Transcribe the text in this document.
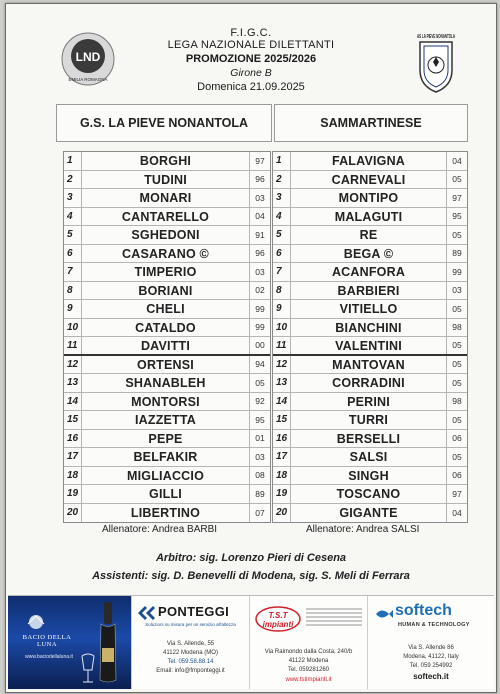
LND
EMILIA ROMAGNA
F.I.G.C.
LEGA NAZIONALE DILETTANTI
PROMOZIONE 2025/2026
Girone B
Domenica 21.09.2025
AS LA PIEVE NONANTOLA
G.S. LA PIEVE NONANTOLA	SAMMARTINESE
1	BORGHI	97
2	TUDINI	96
3	MONARI	03
4	CANTARELLO	04
5	SGHEDONI	91
6	CASARANO ©	96
7	TIMPERIO	03
8	BORIANI	02
9	CHELI	99
10	CATALDO	99
11	DAVITTI	00
12	ORTENSI	94
13	SHANABLEH	05
14	MONTORSI	92
15	IAZZETTA	95
16	PEPE	01
17	BELFAKIR	03
18	MIGLIACCIO	08
19	GILLI	89
20	LIBERTINO	07
1	FALAVIGNA	04
2	CARNEVALI	05
3	MONTIPO	97
4	MALAGUTI	95
5	RE	05
6	BEGA ©	89
7	ACANFORA	99
8	BARBIERI	03
9	VITIELLO	05
10	BIANCHINI	98
11	VALENTINI	05
12	MANTOVAN	05
13	CORRADINI	05
14	PERINI	98
15	TURRI	05
16	BERSELLI	06
17	SALSI	05
18	SINGH	06
19	TOSCANO	97
20	GIGANTE	04
Allenatore: Andrea BARBI	Allenatore: Andrea SALSI
Arbitro: sig. Lorenzo Pieri di Cesena
Assistenti: sig. D. Benevelli di Modena, sig. S. Meli di Ferrara
BACIO DELLA LUNA
www.baciodellaluna.it
PONTEGGI
Soluzioni su misura per un servizio all'altezza
Via S. Allende, 55
41122 Modena (MO)
Tel. 059.58.88.14
Email: info@fmponteggi.it
T.S.T impianti
Via Raimondo dalla Costa, 240/b
41122 Modena
Tel. 059281260
www.tstimpianti.it
softech
HUMAN & TECHNOLOGY
Via S. Allende 86
Modena, 41122, Italy
Tel. 059 254992
softech.it
